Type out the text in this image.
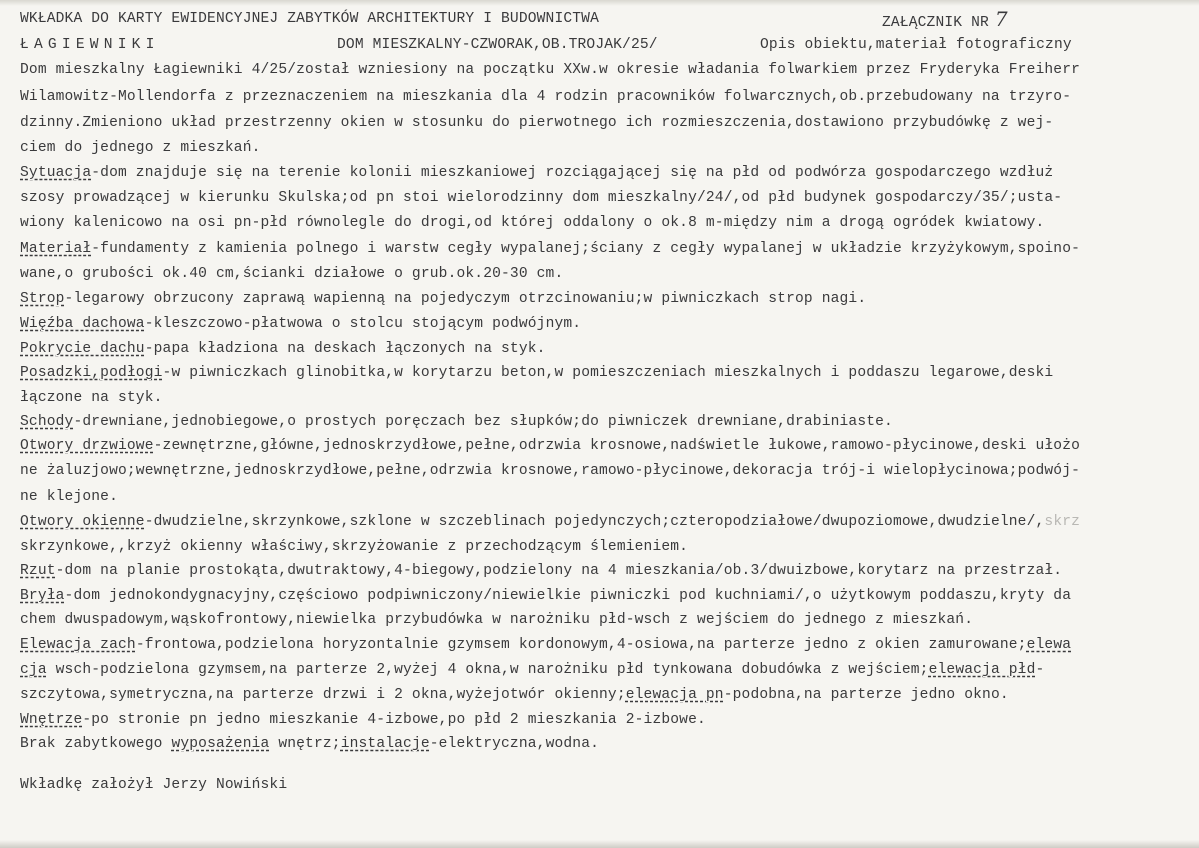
WKŁADKA DO KARTY EWIDENCYJNEJ ZABYTKÓW ARCHITEKTURY I BUDOWNICTWA	ZAŁĄCZNIK NR 7
ŁAGIEWNIKI	DOM MIESZKALNY-CZWORAK,OB.TROJAK/25/	Opis obiektu,materiał fotograficzny
Dom mieszkalny Łagiewniki 4/25/został wzniesiony na początku XXw.w okresie władania folwarkiem przez Fryderyka Freiherr
Wilamowitz-Mollendorfa z przeznaczeniem na mieszkania dla 4 rodzin pracowników folwarcznych,ob.przebudowany na trzyro-
dzinny.Zmieniono układ przestrzenny okien w stosunku do pierwotnego ich rozmieszczenia,dostawiono przybudówkę z wej-
ciem do jednego z mieszkań.
Sytuacja-dom znajduje się na terenie kolonii mieszkaniowej rozciągającej się na płd od podwórza gospodarczego wzdłuż
szosy prowadzącej w kierunku Skulska;od pn stoi wielorodzinny dom mieszkalny/24/,od płd budynek gospodarczy/35/;usta-
wiony kalenicowo na osi pn-płd równolegle do drogi,od której oddalony o ok.8 m-między nim a drogą ogródek kwiatowy.
Materiał-fundamenty z kamienia polnego i warstw cegły wypalanej;ściany z cegły wypalanej w układzie krzyżykowym,spoino-
wane,o grubości ok.40 cm,ścianki działowe o grub.ok.20-30 cm.
Strop-legarowy obrzucony zaprawą wapienną na pojedyczym otrzcinowaniu;w piwniczkach strop nagi.
Więźba dachowa-kleszczowo-płatwowa o stolcu stojącym podwójnym.
Pokrycie dachu-papa kładziona na deskach łączonych na styk.
Posadzki,podłogi-w piwniczkach glinobitka,w korytarzu beton,w pomieszczeniach mieszkalnych i poddaszu legarowe,deski
łączone na styk.
Schody-drewniane,jednobiegowe,o prostych poręczach bez słupków;do piwniczek drewniane,drabiniaste.
Otwory drzwiowe-zewnętrzne,główne,jednoskrzydłowe,pełne,odrzwia krosnowe,nadświetle łukowe,ramowo-płycinowe,deski ułożo
ne żaluzjowo;wewnętrzne,jednoskrzydłowe,pełne,odrzwia krosnowe,ramowo-płycinowe,dekoracja trój-i wielopłycinowa;podwój-
ne klejone.
Otwory okienne-dwudzielne,skrzynkowe,szklone w szczeblinach pojedynczych;czteropodziałowe/dwupoziomowe,dwudzielne/,skrz
skrzynkowe,,krzyż okienny właściwy,skrzyżowanie z przechodzącym ślemieniem.
Rzut-dom na planie prostokąta,dwutraktowy,4-biegowy,podzielony na 4 mieszkania/ob.3/dwuizbowe,korytarz na przestrzał.
Bryła-dom jednokondygnacyjny,częściowo podpiwniczony/niewielkie piwniczki pod kuchniami/,o użytkowym poddaszu,kryty da
chem dwuspadowym,wąskofrontowy,niewielka przybudówka w narożniku płd-wsch z wejściem do jednego z mieszkań.
Elewacja zach-frontowa,podzielona horyzontalnie gzymsem kordonowym,4-osiowa,na parterze jedno z okien zamurowane;elewa
cja wsch-podzielona gzymsem,na parterze 2,wyżej 4 okna,w narożniku płd tynkowana dobudówka z wejściem;elewacja płd-
szczytowa,symetryczna,na parterze drzwi i 2 okna,wyżejotwór okienny;elewacja pn-podobna,na parterze jedno okno.
Wnętrze-po stronie pn jedno mieszkanie 4-izbowe,po płd 2 mieszkania 2-izbowe.
Brak zabytkowego wyposażenia wnętrz;instalacje-elektryczna,wodna.
Wkładkę założył Jerzy Nowiński
